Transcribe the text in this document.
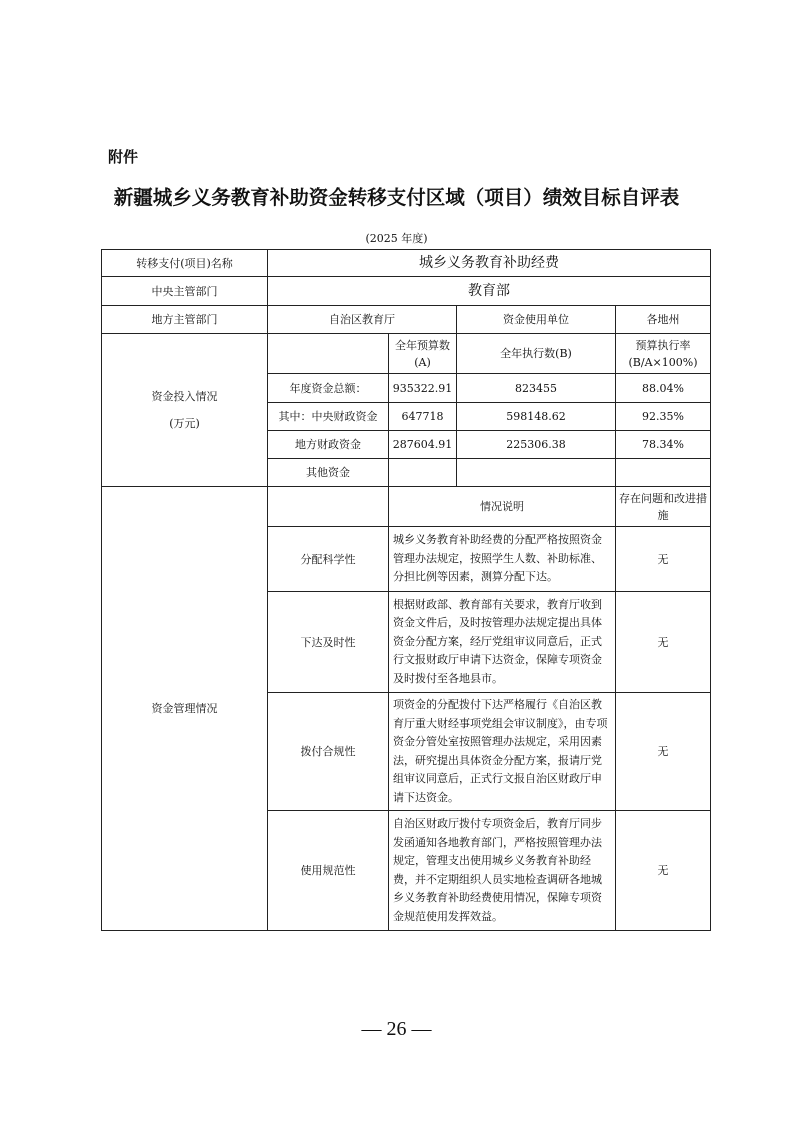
附件
新疆城乡义务教育补助资金转移支付区域（项目）绩效目标自评表
(2025 年度)
转移支付(项目)名称	城乡义务教育补助经费			
中央主管部门	教育部			
地方主管部门	自治区教育厅		资金使用单位	各地州

资金投入情况
(万元)		全年预算数(A)	全年执行数(B)	预算执行率(B/A×100%)
	年度资金总额：	935322.91	823455	88.04%
	其中：中央财政资金	647718	598148.62	92.35%
	地方财政资金	287604.91	225306.38	78.34%
	其他资金			
资金管理情况		情况说明		存在问题和改进措施
	分配科学性	城乡义务教育补助经费的分配严格按照资金管理办法规定，按照学生人数、补助标准、分担比例等因素，测算分配下达。		无
	下达及时性	根据财政部、教育部有关要求，教育厅收到资金文件后，及时按管理办法规定提出具体资金分配方案，经厅党组审议同意后，正式行文报财政厅申请下达资金，保障专项资金及时拨付至各地县市。		无
	拨付合规性	项资金的分配拨付下达严格履行《自治区教育厅重大财经事项党组会审议制度》，由专项资金分管处室按照管理办法规定，采用因素法，研究提出具体资金分配方案，报请厅党组审议同意后，正式行文报自治区财政厅申请下达资金。		无
	使用规范性	自治区财政厅拨付专项资金后，教育厅同步发函通知各地教育部门，严格按照管理办法规定，管理支出使用城乡义务教育补助经费，并不定期组织人员实地检查调研各地城乡义务教育补助经费使用情况，保障专项资金规范使用发挥效益。		无
— 26 —
